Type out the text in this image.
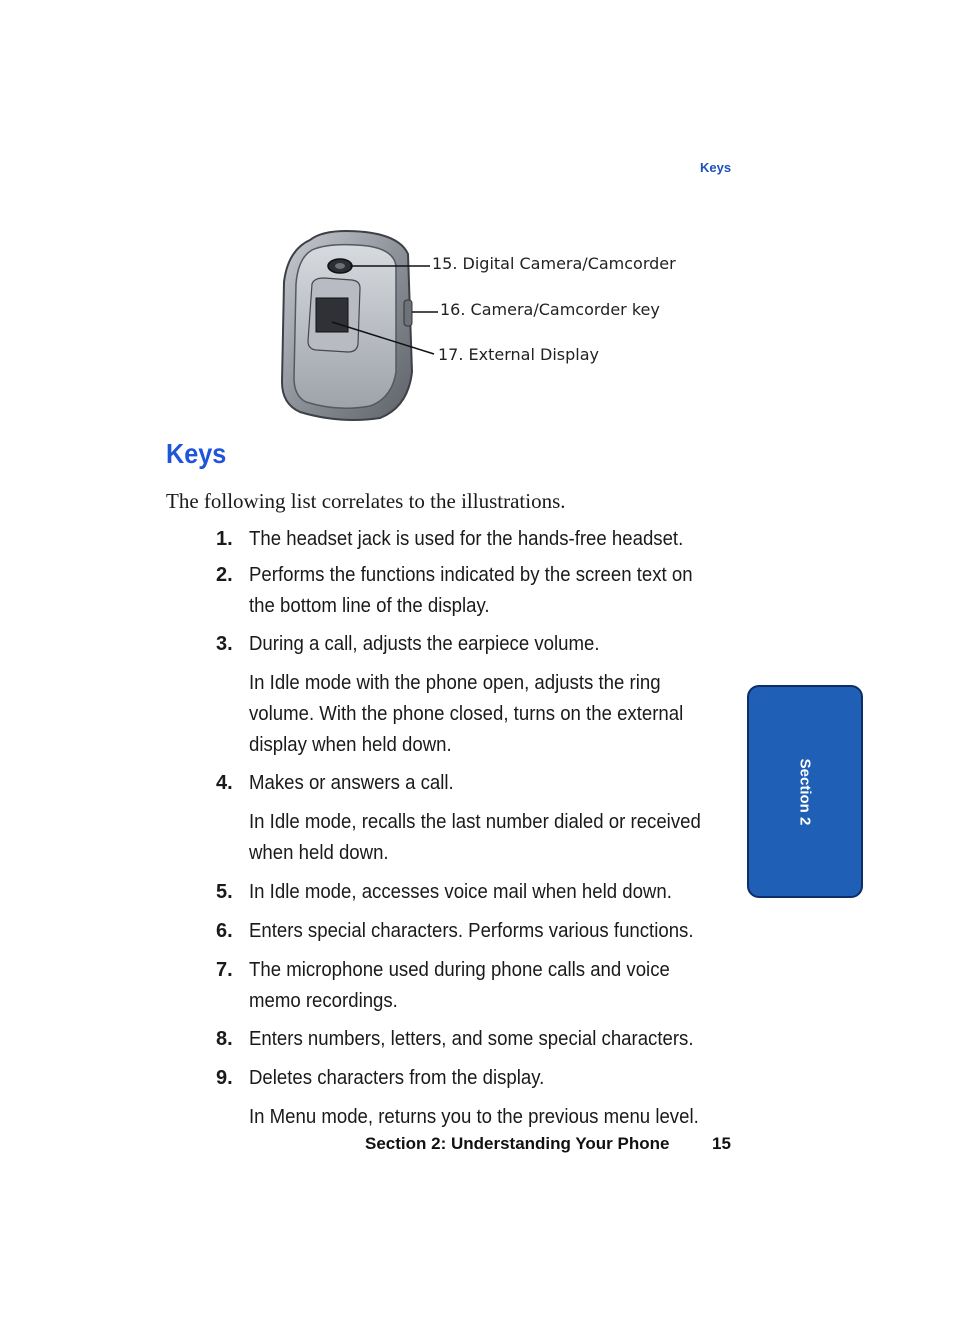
Keys
15. Digital Camera/Camcorder
16. Camera/Camcorder key
17. External Display
Keys
The following list correlates to the illustrations.
1. The headset jack is used for the hands-free headset.
2. Performs the functions indicated by the screen text on the bottom line of the display.
3. During a call, adjusts the earpiece volume.
In Idle mode with the phone open, adjusts the ring volume. With the phone closed, turns on the external display when held down.
4. Makes or answers a call.
In Idle mode, recalls the last number dialed or received when held down.
5. In Idle mode, accesses voice mail when held down.
6. Enters special characters. Performs various functions.
7. The microphone used during phone calls and voice memo recordings.
8. Enters numbers, letters, and some special characters.
9. Deletes characters from the display.
In Menu mode, returns you to the previous menu level.
Section 2
Section 2: Understanding Your Phone	15
